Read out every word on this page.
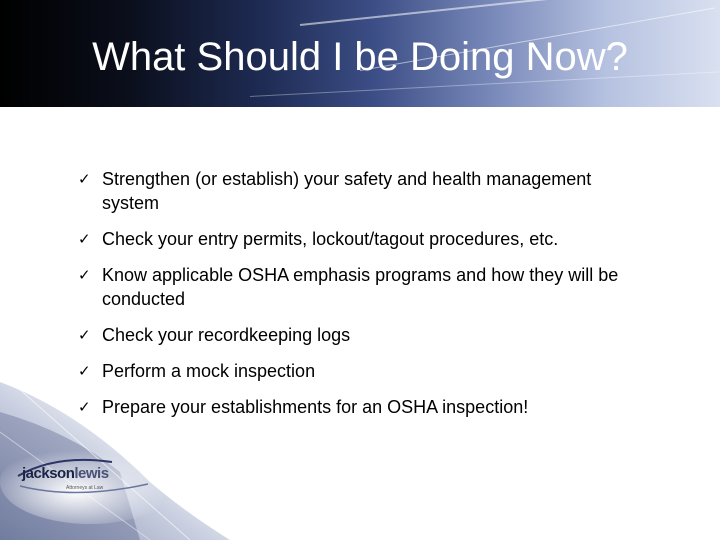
What Should I be Doing Now?
✓ Strengthen (or establish) your safety and health management
system
✓ Check your entry permits, lockout/tagout procedures, etc.
✓ Know applicable OSHA emphasis programs and how they will be
conducted
✓ Check your recordkeeping logs
✓ Perform a mock inspection
✓ Prepare your establishments for an OSHA inspection!
jacksonlewis
Attorneys at Law
